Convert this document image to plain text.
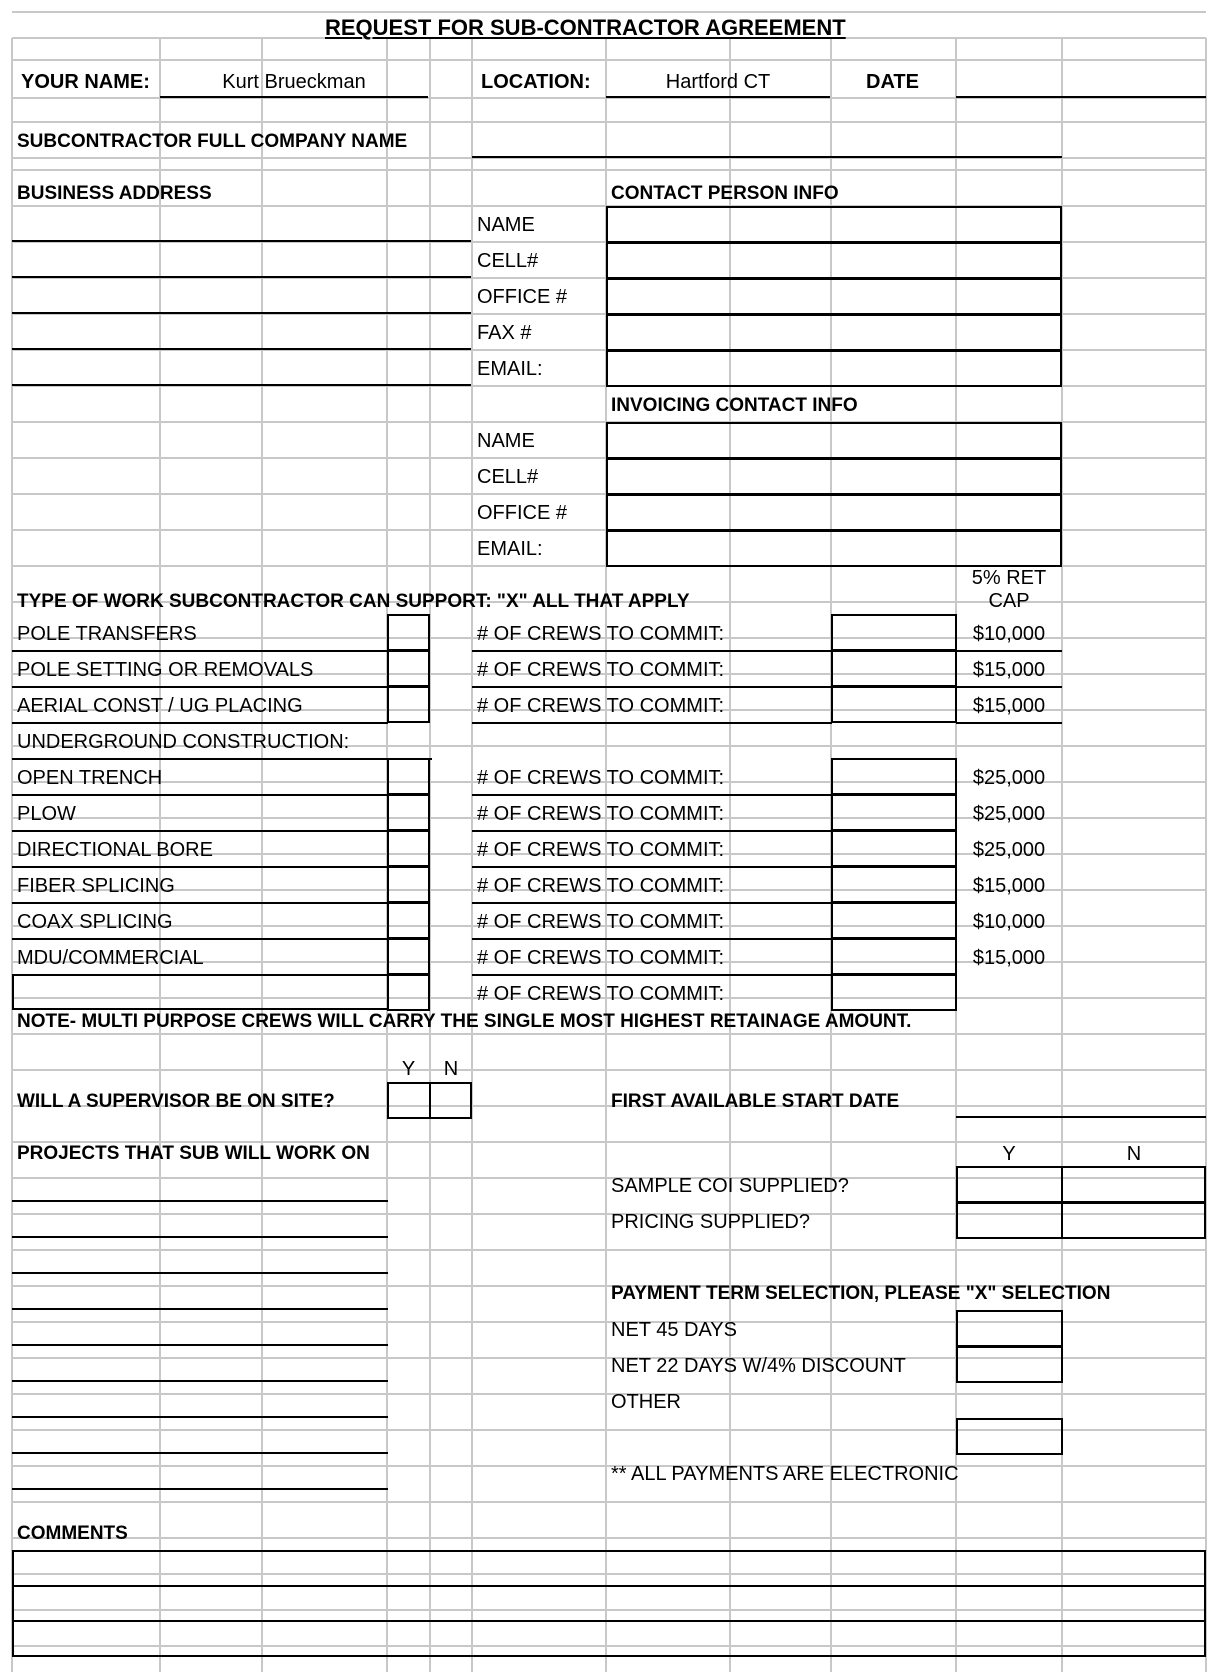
REQUEST FOR SUB-CONTRACTOR AGREEMENT
YOUR NAME:	Kurt Brueckman	LOCATION:	Hartford CT	DATE
SUBCONTRACTOR FULL COMPANY NAME
BUSINESS ADDRESS	CONTACT PERSON INFO
NAME
CELL#
OFFICE #
FAX #
EMAIL:
INVOICING CONTACT INFO
NAME
CELL#
OFFICE #
EMAIL:
TYPE OF WORK SUBCONTRACTOR CAN SUPPORT: "X" ALL THAT APPLY
5% RET
CAP
POLE TRANSFERS	# OF CREWS TO COMMIT:	$10,000
POLE SETTING OR REMOVALS	# OF CREWS TO COMMIT:	$15,000
AERIAL CONST / UG PLACING	# OF CREWS TO COMMIT:	$15,000
UNDERGROUND CONSTRUCTION:
OPEN TRENCH	# OF CREWS TO COMMIT:	$25,000
PLOW	# OF CREWS TO COMMIT:	$25,000
DIRECTIONAL BORE	# OF CREWS TO COMMIT:	$25,000
FIBER SPLICING	# OF CREWS TO COMMIT:	$15,000
COAX SPLICING	# OF CREWS TO COMMIT:	$10,000
MDU/COMMERCIAL	# OF CREWS TO COMMIT:	$15,000
# OF CREWS TO COMMIT:
NOTE- MULTI PURPOSE CREWS WILL CARRY THE SINGLE MOST HIGHEST RETAINAGE AMOUNT.
Y	N
WILL A SUPERVISOR BE ON SITE?	FIRST AVAILABLE START DATE
PROJECTS THAT SUB WILL WORK ON	Y	N
SAMPLE COI SUPPLIED?
PRICING SUPPLIED?
PAYMENT TERM SELECTION, PLEASE "X" SELECTION
NET 45 DAYS
NET 22 DAYS W/4% DISCOUNT
OTHER
** ALL PAYMENTS ARE ELECTRONIC
COMMENTS
